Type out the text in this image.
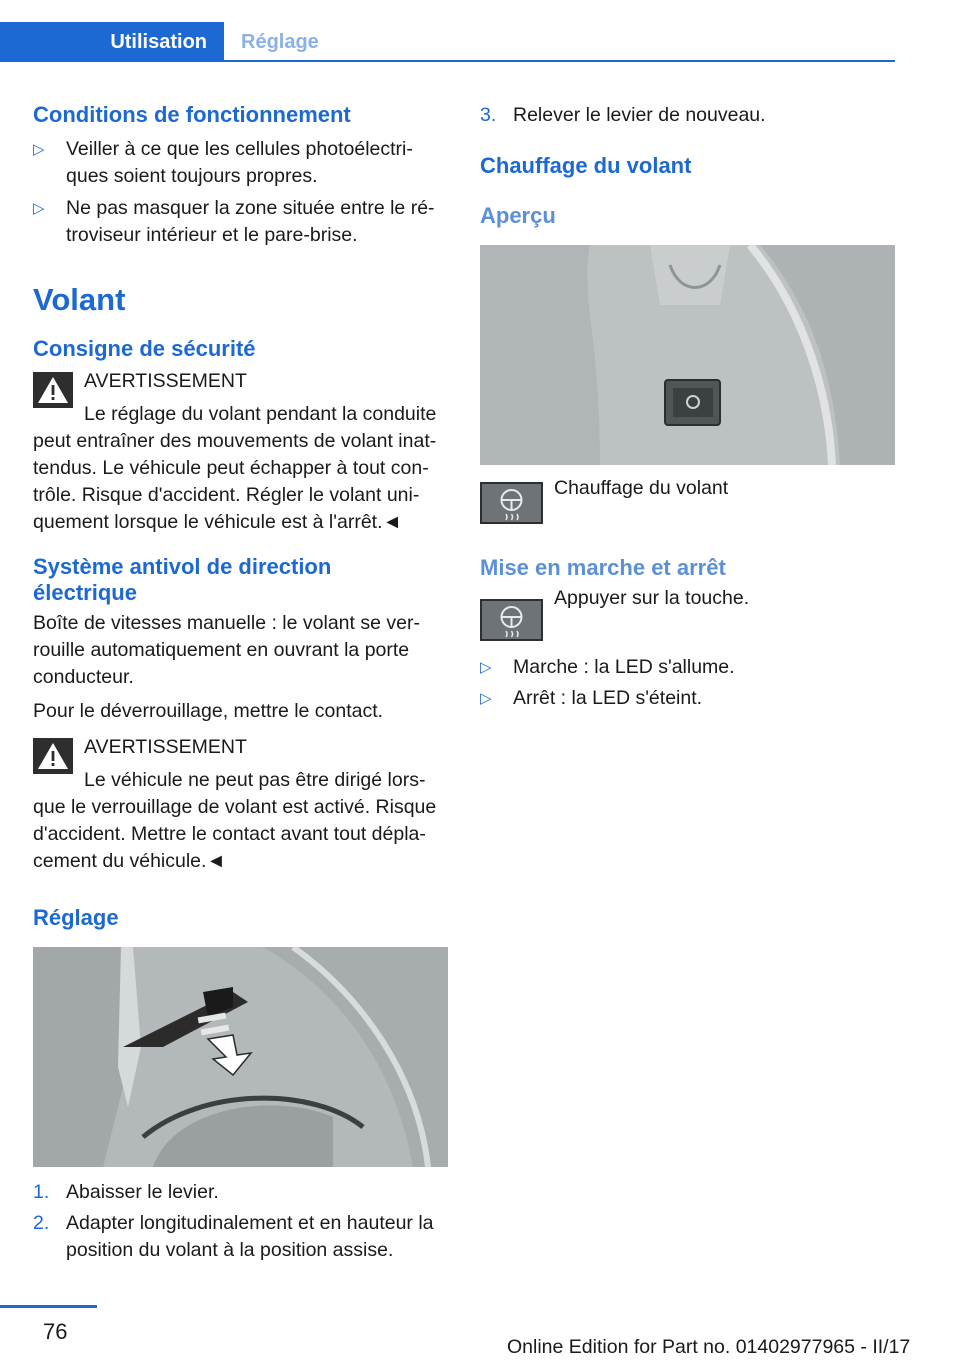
Utilisation Réglage
Conditions de fonctionnement
▷	Veiller à ce que les cellules photoélectri-
ques soient toujours propres.
▷	Ne pas masquer la zone située entre le ré-
troviseur intérieur et le pare-brise.
Volant
Consigne de sécurité
AVERTISSEMENT
Le réglage du volant pendant la conduite
peut entraîner des mouvements de volant inat-
tendus. Le véhicule peut échapper à tout con-
trôle. Risque d'accident. Régler le volant uni-
quement lorsque le véhicule est à l'arrêt.◄
Système antivol de direction
électrique
Boîte de vitesses manuelle : le volant se ver-
rouille automatiquement en ouvrant la porte
conducteur.
Pour le déverrouillage, mettre le contact.
AVERTISSEMENT
Le véhicule ne peut pas être dirigé lors-
que le verrouillage de volant est activé. Risque
d'accident. Mettre le contact avant tout dépla-
cement du véhicule.◄
Réglage
1. Abaisser le levier.
2. Adapter longitudinalement et en hauteur la
position du volant à la position assise.
3. Relever le levier de nouveau.
Chauffage du volant
Aperçu
Chauffage du volant
Mise en marche et arrêt
Appuyer sur la touche.
▷	Marche : la LED s'allume.
▷	Arrêt : la LED s'éteint.
76
Online Edition for Part no. 01402977965 - II/17
